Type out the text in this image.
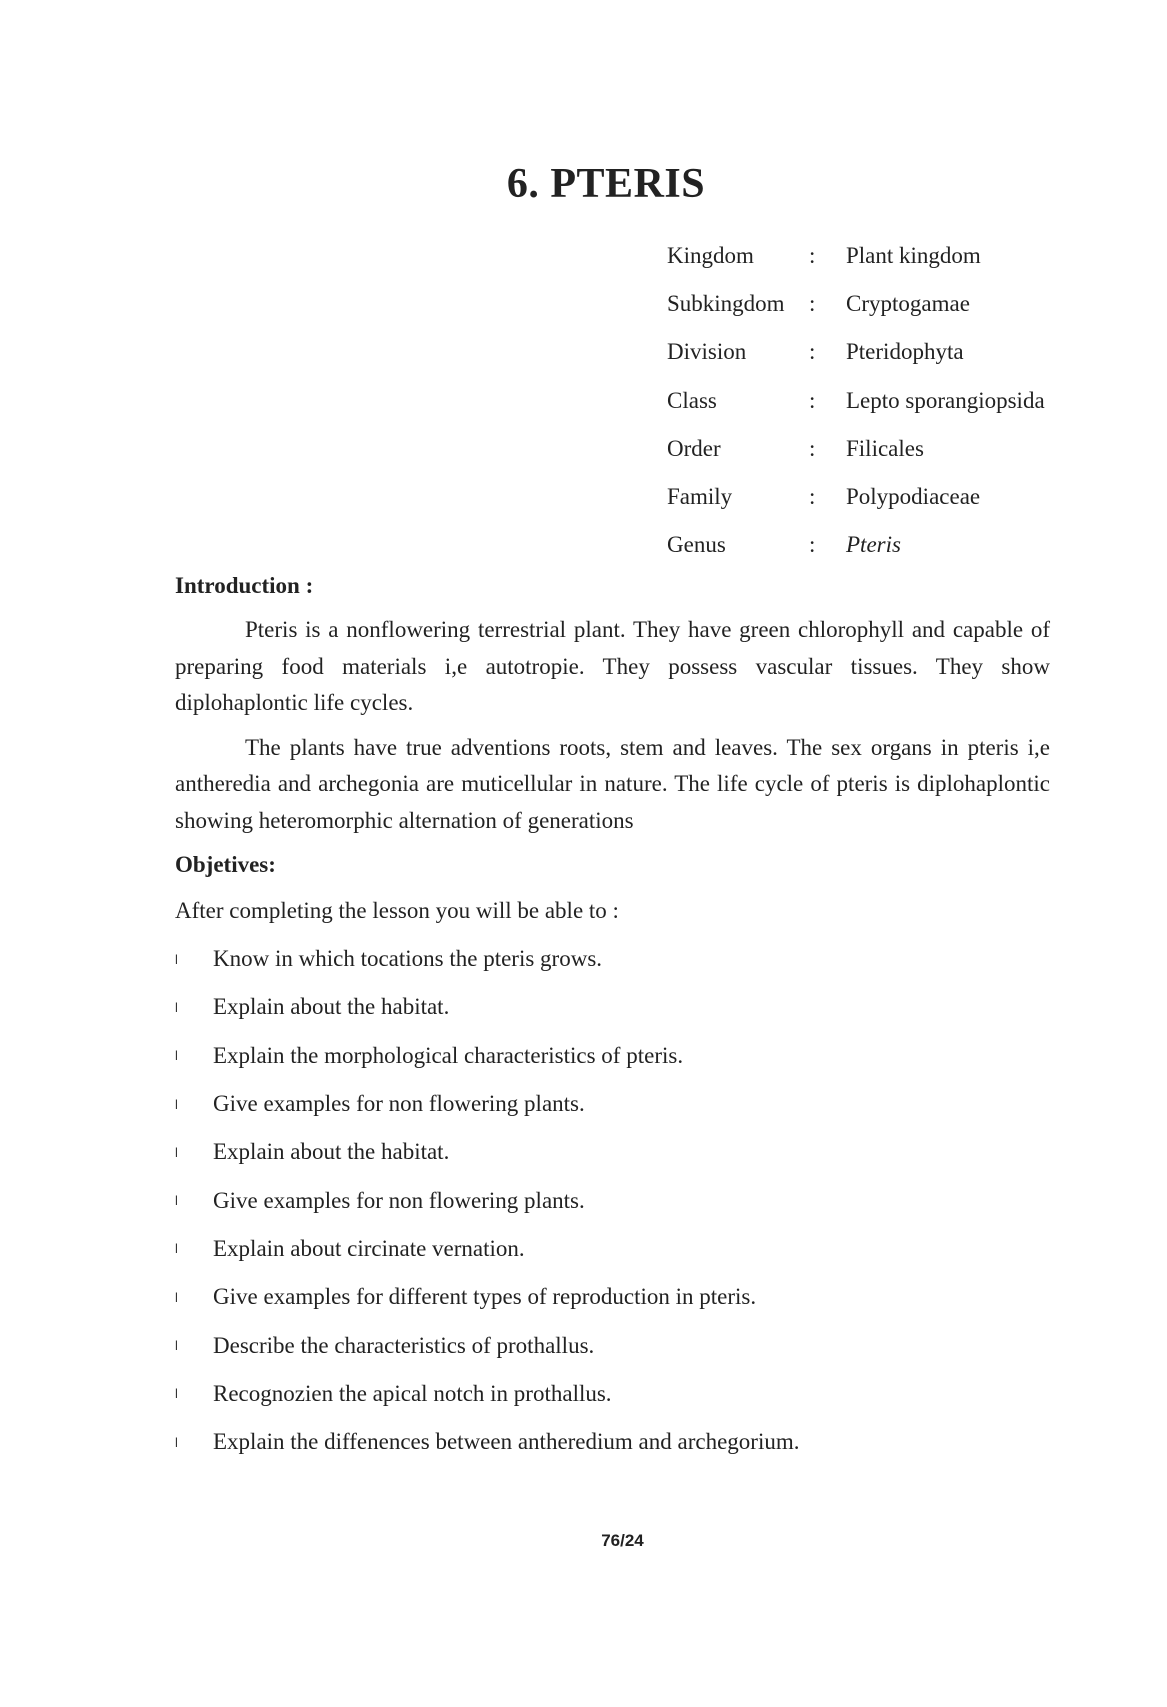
6. PTERIS
Kingdom	:	Plant kingdom
Subkingdom	:	Cryptogamae
Division	:	Pteridophyta
Class	:	Lepto sporangiopsida
Order	:	Filicales
Family	:	Polypodiaceae
Genus	:	Pteris
Introduction :

Pteris is a nonflowering terrestrial plant. They have green chlorophyll and capable of preparing food materials i,e autotropie. They possess vascular tissues. They show diplohaplontic life cycles.

The plants have true adventions roots, stem and leaves. The sex organs in pteris i,e antheredia and archegonia are muticellular in nature. The life cycle of pteris is diplohaplontic showing heteromorphic alternation of generations

Objetives:

After completing the lesson you will be able to :

l	Know in which tocations the pteris grows.
l	Explain about the habitat.
l	Explain the morphological characteristics of pteris.
l	Give examples for non flowering plants.
l	Explain about the habitat.
l	Give examples for non flowering plants.
l	Explain about circinate vernation.
l	Give examples for different types of reproduction in pteris.
l	Describe the characteristics of prothallus.
l	Recognozien the apical notch in prothallus.
l	Explain the diffenences between antheredium and archegorium.
76/24
